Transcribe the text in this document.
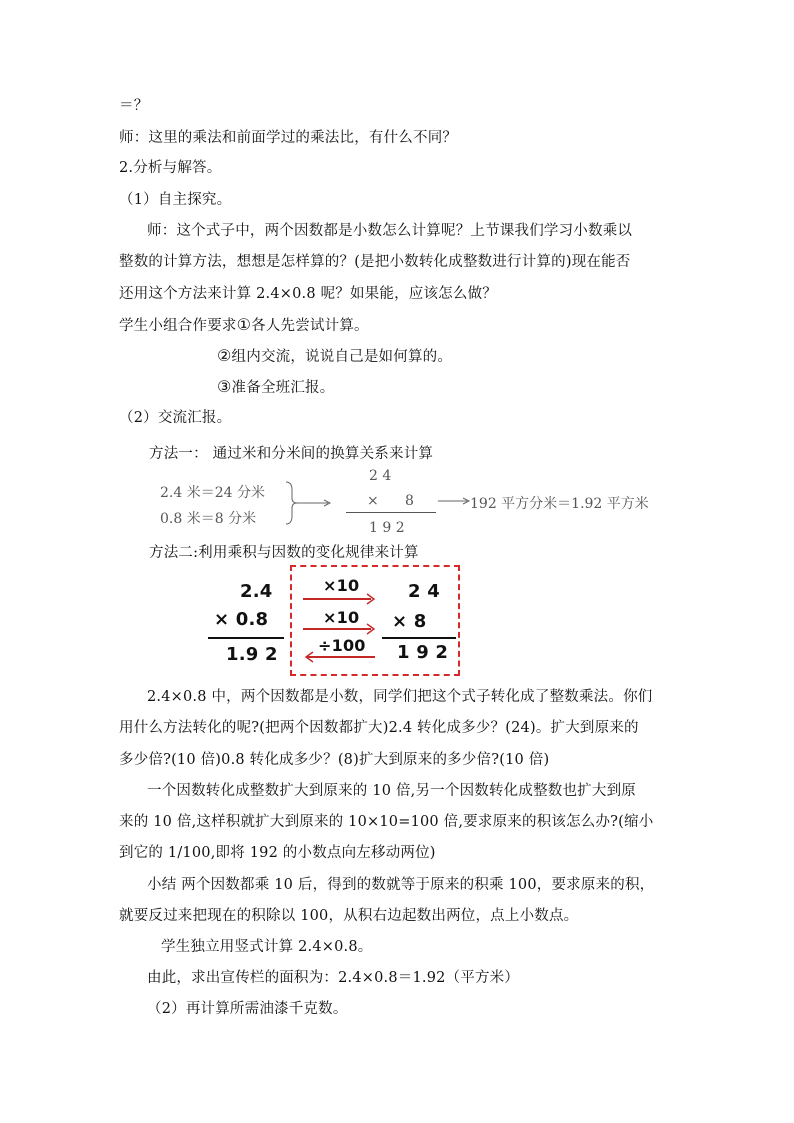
＝？
师：这里的乘法和前面学过的乘法比，有什么不同？
2.分析与解答。
（1）自主探究。
师：这个式子中，两个因数都是小数怎么计算呢？上节课我们学习小数乘以
整数的计算方法，想想是怎样算的？(是把小数转化成整数进行计算的)现在能否
还用这个方法来计算 2.4×0.8 呢？如果能，应该怎么做？
学生小组合作要求①各人先尝试计算。
②组内交流，说说自己是如何算的。
③准备全班汇报。
（2）交流汇报。
方法一： 通过米和分米间的换算关系来计算
2.4 米＝24 分米
0.8 米＝8 分米
2 4
× 8
1 9 2
192 平方分米＝1.92 平方米
方法二:利用乘积与因数的变化规律来计算
2.4
× 0.8
1.9 2
×10
×10
÷100
2 4
× 8
1 9 2
2.4×0.8 中，两个因数都是小数，同学们把这个式子转化成了整数乘法。你们
用什么方法转化的呢?(把两个因数都扩大)2.4 转化成多少？(24)。扩大到原来的
多少倍?(10 倍)0.8 转化成多少？(8)扩大到原来的多少倍?(10 倍)
一个因数转化成整数扩大到原来的 10 倍,另一个因数转化成整数也扩大到原
来的 10 倍,这样积就扩大到原来的 10×10=100 倍,要求原来的积该怎么办?(缩小
到它的 1/100,即将 192 的小数点向左移动两位)
小结 两个因数都乘 10 后，得到的数就等于原来的积乘 100，要求原来的积，
就要反过来把现在的积除以 100，从积右边起数出两位，点上小数点。
学生独立用竖式计算 2.4×0.8。
由此，求出宣传栏的面积为：2.4×0.8＝1.92（平方米）
（2）再计算所需油漆千克数。
